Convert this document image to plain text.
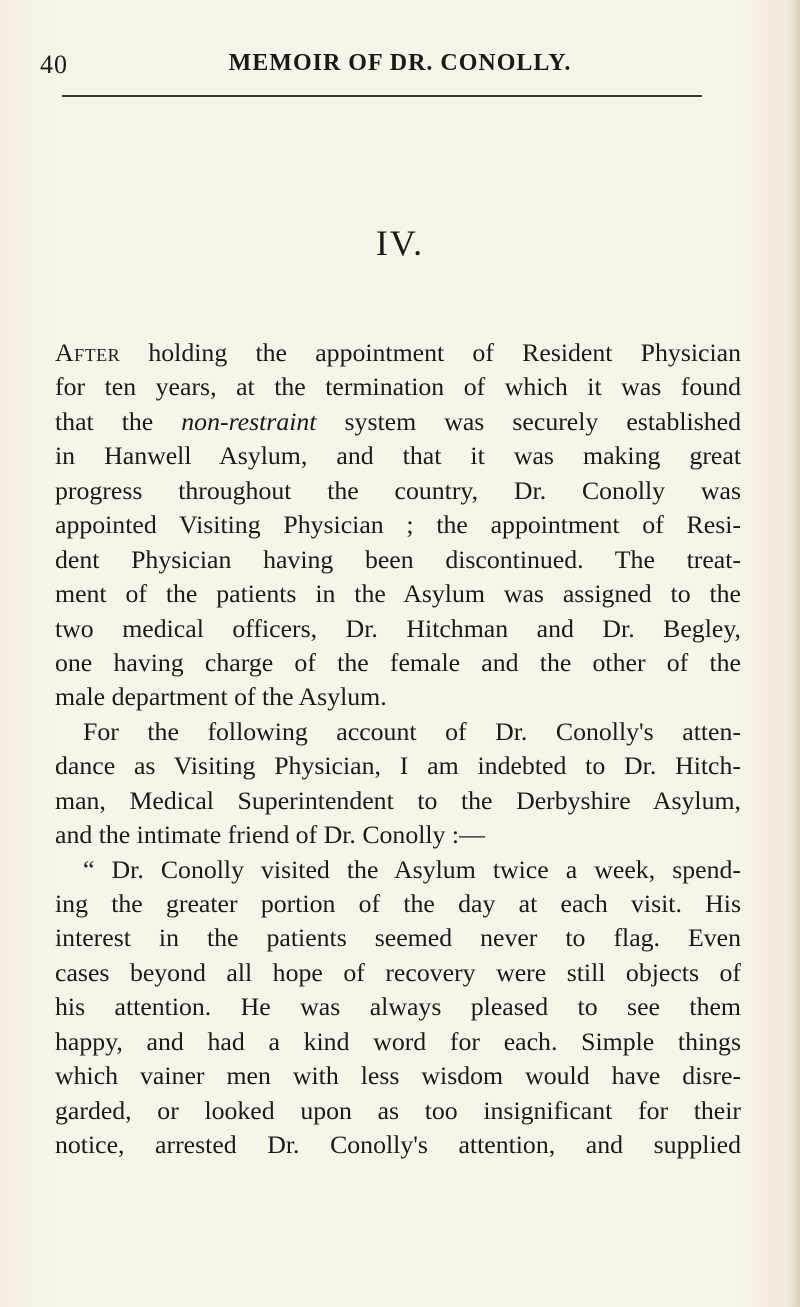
40	MEMOIR OF DR. CONOLLY.
IV.
After holding the appointment of Resident Physician
for ten years, at the termination of which it was found
that the non-restraint system was securely established
in Hanwell Asylum, and that it was making great
progress throughout the country, Dr. Conolly was
appointed Visiting Physician ; the appointment of Resi-
dent Physician having been discontinued. The treat-
ment of the patients in the Asylum was assigned to the
two medical officers, Dr. Hitchman and Dr. Begley,
one having charge of the female and the other of the
male department of the Asylum.
For the following account of Dr. Conolly's atten-
dance as Visiting Physician, I am indebted to Dr. Hitch-
man, Medical Superintendent to the Derbyshire Asylum,
and the intimate friend of Dr. Conolly :—
“ Dr. Conolly visited the Asylum twice a week, spend-
ing the greater portion of the day at each visit. His
interest in the patients seemed never to flag. Even
cases beyond all hope of recovery were still objects of
his attention. He was always pleased to see them
happy, and had a kind word for each. Simple things
which vainer men with less wisdom would have disre-
garded, or looked upon as too insignificant for their
notice, arrested Dr. Conolly's attention, and supplied
